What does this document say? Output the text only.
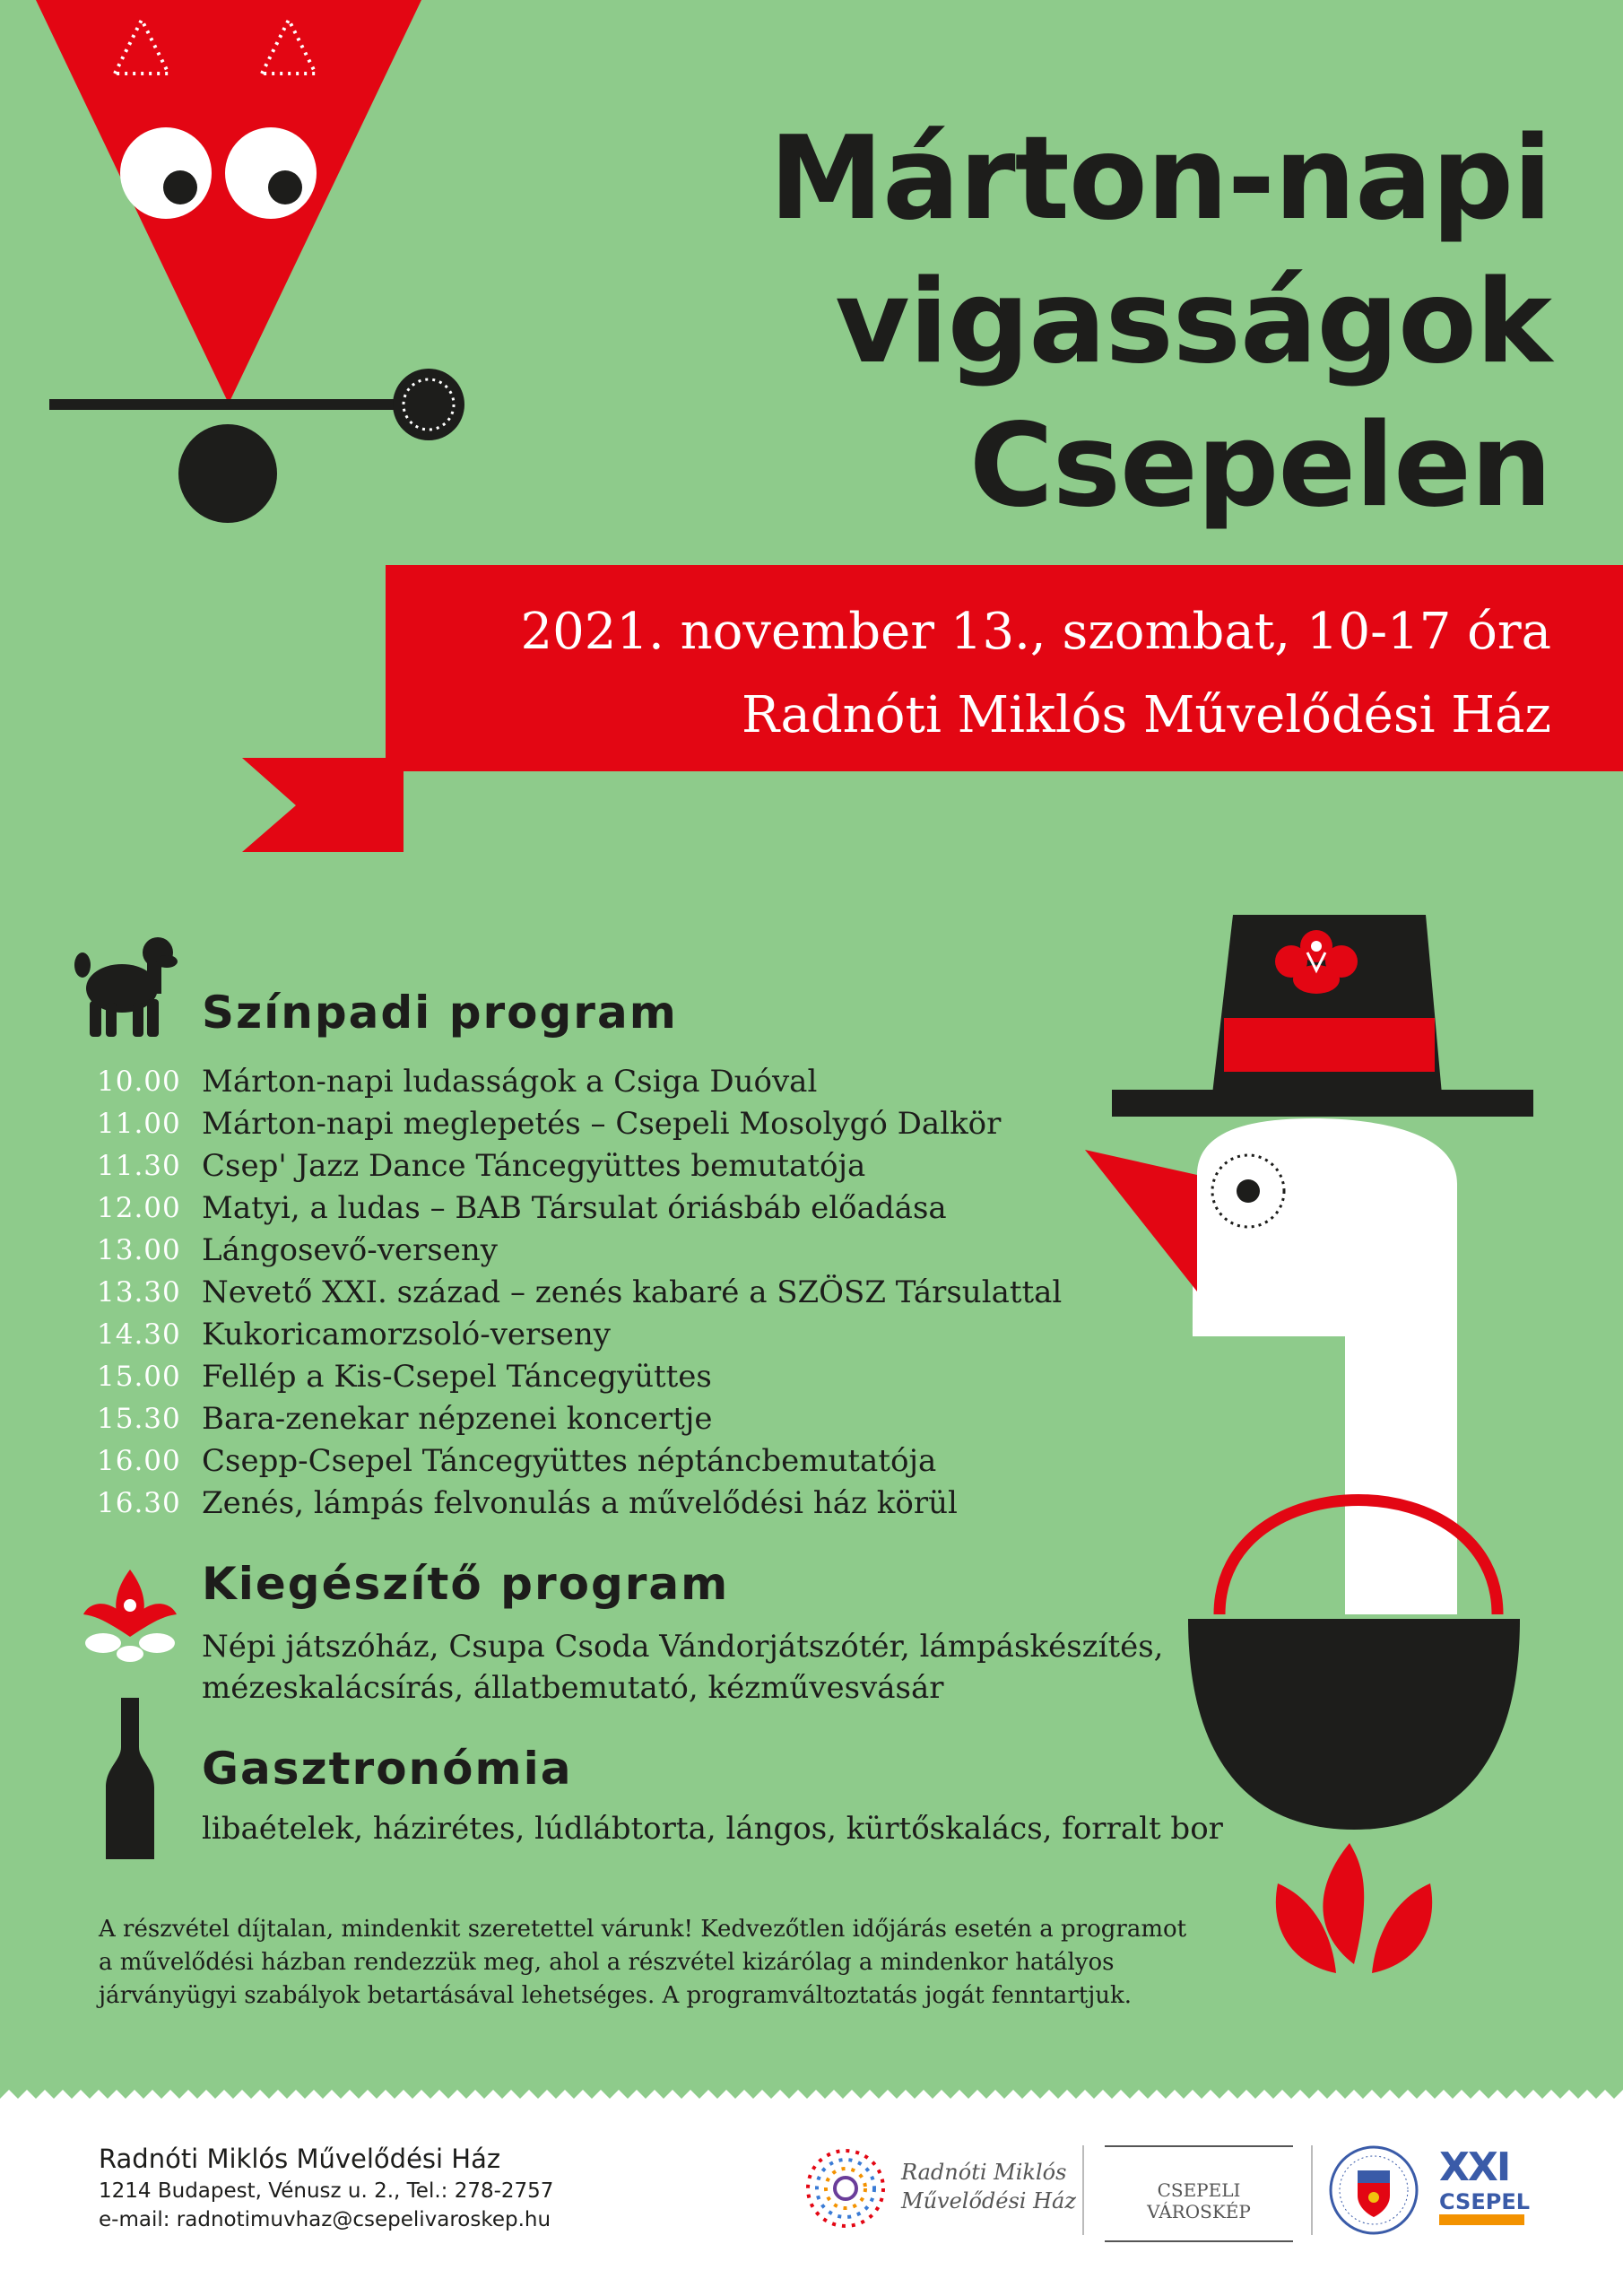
Márton-napi
vigasságok
Csepelen
2021. november 13., szombat, 10-17 óra
Radnóti Miklós Művelődési Ház
Színpadi program
10.00 Márton-napi ludasságok a Csiga Duóval
11.00 Márton-napi meglepetés – Csepeli Mosolygó Dalkör
11.30 Csep' Jazz Dance Táncegyüttes bemutatója
12.00 Matyi, a ludas – BAB Társulat óriásbáb előadása
13.00 Lángosevő-verseny
13.30 Nevető XXI. század – zenés kabaré a SZÖSZ Társulattal
14.30 Kukoricamorzsoló-verseny
15.00 Fellép a Kis-Csepel Táncegyüttes
15.30 Bara-zenekar népzenei koncertje
16.00 Csepp-Csepel Táncegyüttes néptáncbemutatója
16.30 Zenés, lámpás felvonulás a művelődési ház körül
Kiegészítő program
Népi játszóház, Csupa Csoda Vándorjátszótér, lámpáskészítés,
mézeskalácsírás, állatbemutató, kézművesvásár
Gasztronómia
libaételek, házirétes, lúdlábtorta, lángos, kürtőskalács, forralt bor
A részvétel díjtalan, mindenkit szeretettel várunk! Kedvezőtlen időjárás esetén a programot
a művelődési házban rendezzük meg, ahol a részvétel kizárólag a mindenkor hatályos
járványügyi szabályok betartásával lehetséges. A programváltoztatás jogát fenntartjuk.
Radnóti Miklós Művelődési Ház
1214 Budapest, Vénusz u. 2., Tel.: 278-2757
e-mail: radnotimuvhaz@csepelivaroskep.hu
Radnóti Miklós
Művelődési Ház	CSEPELI VÁROSKÉP
XXI
CSEPEL
